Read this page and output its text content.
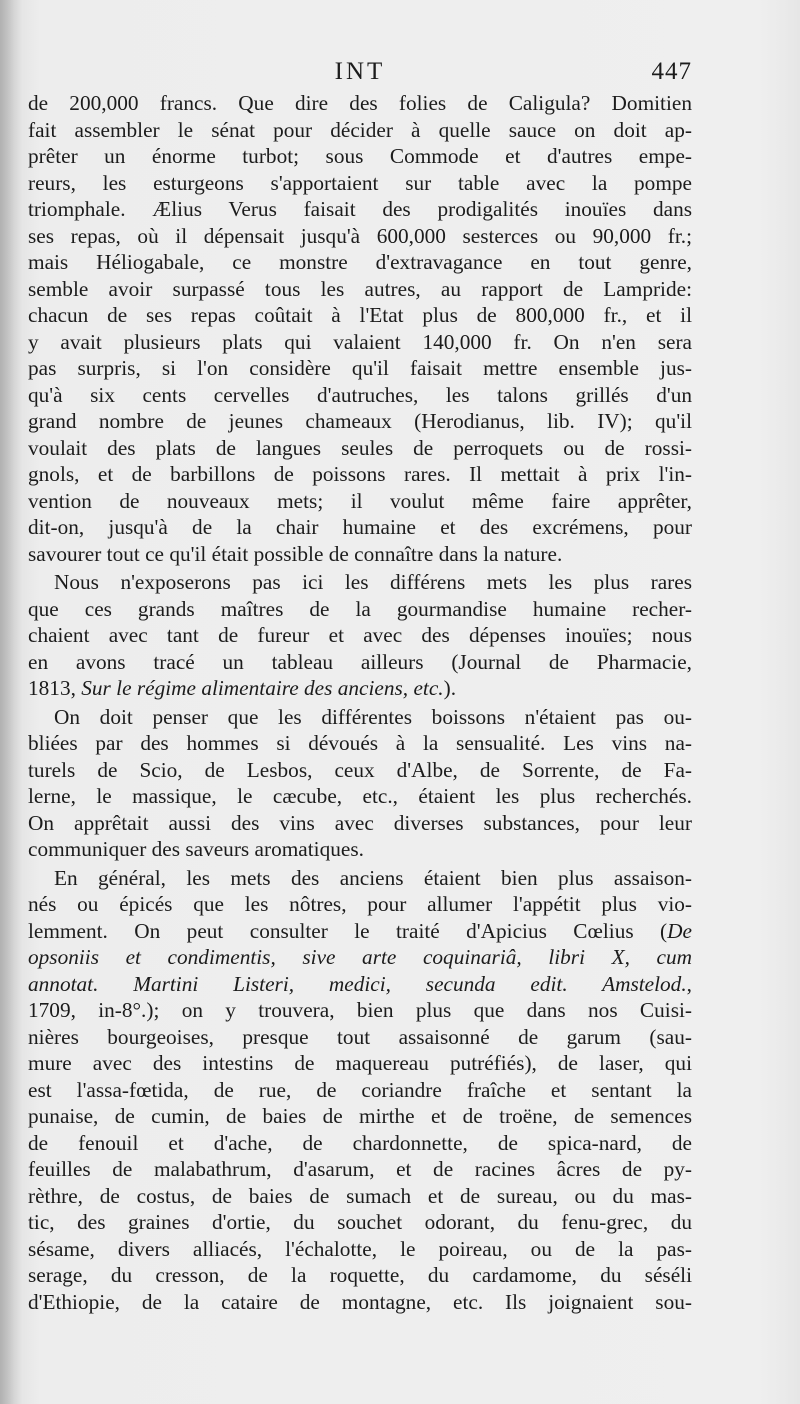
INT	447
de 200,000 francs. Que dire des folies de Caligula? Domitien
fait assembler le sénat pour décider à quelle sauce on doit ap-
prêter un énorme turbot; sous Commode et d'autres empe-
reurs, les esturgeons s'apportaient sur table avec la pompe
triomphale. Ælius Verus faisait des prodigalités inouïes dans
ses repas, où il dépensait jusqu'à 600,000 sesterces ou 90,000 fr.;
mais Héliogabale, ce monstre d'extravagance en tout genre,
semble avoir surpassé tous les autres, au rapport de Lampride:
chacun de ses repas coûtait à l'Etat plus de 800,000 fr., et il
y avait plusieurs plats qui valaient 140,000 fr. On n'en sera
pas surpris, si l'on considère qu'il faisait mettre ensemble jus-
qu'à six cents cervelles d'autruches, les talons grillés d'un
grand nombre de jeunes chameaux (Herodianus, lib. IV); qu'il
voulait des plats de langues seules de perroquets ou de rossi-
gnols, et de barbillons de poissons rares. Il mettait à prix l'in-
vention de nouveaux mets; il voulut même faire apprêter,
dit-on, jusqu'à de la chair humaine et des excrémens, pour
savourer tout ce qu'il était possible de connaître dans la nature.
Nous n'exposerons pas ici les différens mets les plus rares
que ces grands maîtres de la gourmandise humaine recher-
chaient avec tant de fureur et avec des dépenses inouïes; nous
en avons tracé un tableau ailleurs (Journal de Pharmacie,
1813, Sur le régime alimentaire des anciens, etc.).
On doit penser que les différentes boissons n'étaient pas ou-
bliées par des hommes si dévoués à la sensualité. Les vins na-
turels de Scio, de Lesbos, ceux d'Albe, de Sorrente, de Fa-
lerne, le massique, le cæcube, etc., étaient les plus recherchés.
On apprêtait aussi des vins avec diverses substances, pour leur
communiquer des saveurs aromatiques.
En général, les mets des anciens étaient bien plus assaison-
nés ou épicés que les nôtres, pour allumer l'appétit plus vio-
lemment. On peut consulter le traité d'Apicius Cœlius (De
opsoniis et condimentis, sive arte coquinariâ, libri X, cum
annotat. Martini Listeri, medici, secunda edit. Amstelod.,
1709, in-8°.); on y trouvera, bien plus que dans nos Cuisi-
nières bourgeoises, presque tout assaisonné de garum (sau-
mure avec des intestins de maquereau putréfiés), de laser, qui
est l'assa-fœtida, de rue, de coriandre fraîche et sentant la
punaise, de cumin, de baies de mirthe et de troëne, de semences
de fenouil et d'ache, de chardonnette, de spica-nard, de
feuilles de malabathrum, d'asarum, et de racines âcres de py-
rèthre, de costus, de baies de sumach et de sureau, ou du mas-
tic, des graines d'ortie, du souchet odorant, du fenu-grec, du
sésame, divers alliacés, l'échalotte, le poireau, ou de la pas-
serage, du cresson, de la roquette, du cardamome, du séséli
d'Ethiopie, de la cataire de montagne, etc. Ils joignaient sou-
